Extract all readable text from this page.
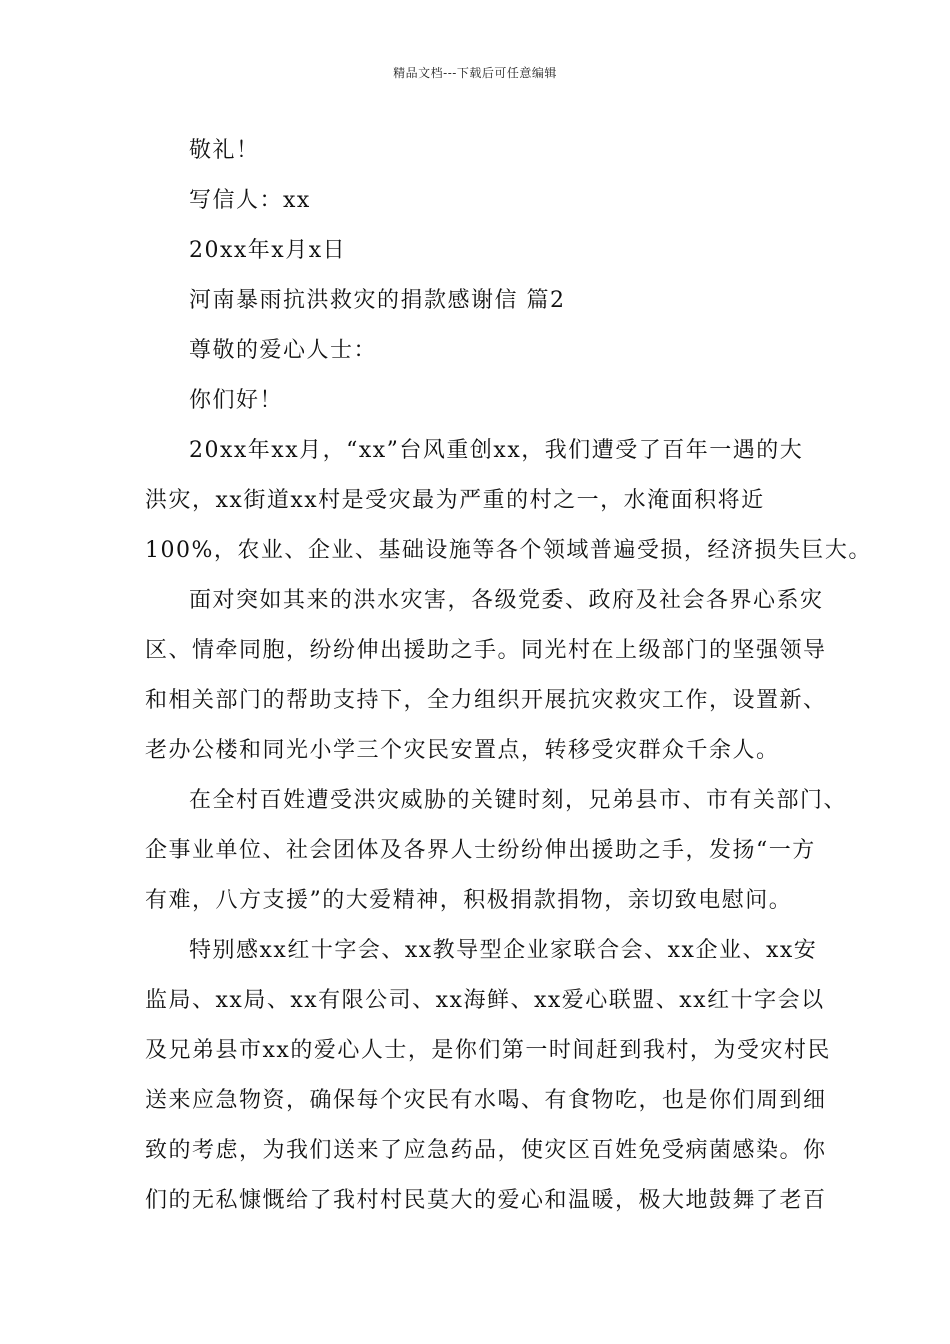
精品文档---下载后可任意编辑
敬礼！
写信人：xx
20xx年x月x日
河南暴雨抗洪救灾的捐款感谢信 篇2
尊敬的爱心人士：
你们好！
20xx年xx月，“xx”台风重创xx，我们遭受了百年一遇的大
洪灾，xx街道xx村是受灾最为严重的村之一，水淹面积将近
100%，农业、企业、基础设施等各个领域普遍受损，经济损失巨大。
面对突如其来的洪水灾害，各级党委、政府及社会各界心系灾
区、情牵同胞，纷纷伸出援助之手。同光村在上级部门的坚强领导
和相关部门的帮助支持下，全力组织开展抗灾救灾工作，设置新、
老办公楼和同光小学三个灾民安置点，转移受灾群众千余人。
在全村百姓遭受洪灾威胁的关键时刻，兄弟县市、市有关部门、
企事业单位、社会团体及各界人士纷纷伸出援助之手，发扬“一方
有难，八方支援”的大爱精神，积极捐款捐物，亲切致电慰问。
特别感xx红十字会、xx教导型企业家联合会、xx企业、xx安
监局、xx局、xx有限公司、xx海鲜、xx爱心联盟、xx红十字会以
及兄弟县市xx的爱心人士，是你们第一时间赶到我村，为受灾村民
送来应急物资，确保每个灾民有水喝、有食物吃，也是你们周到细
致的考虑，为我们送来了应急药品，使灾区百姓免受病菌感染。你
们的无私慷慨给了我村村民莫大的爱心和温暖，极大地鼓舞了老百
